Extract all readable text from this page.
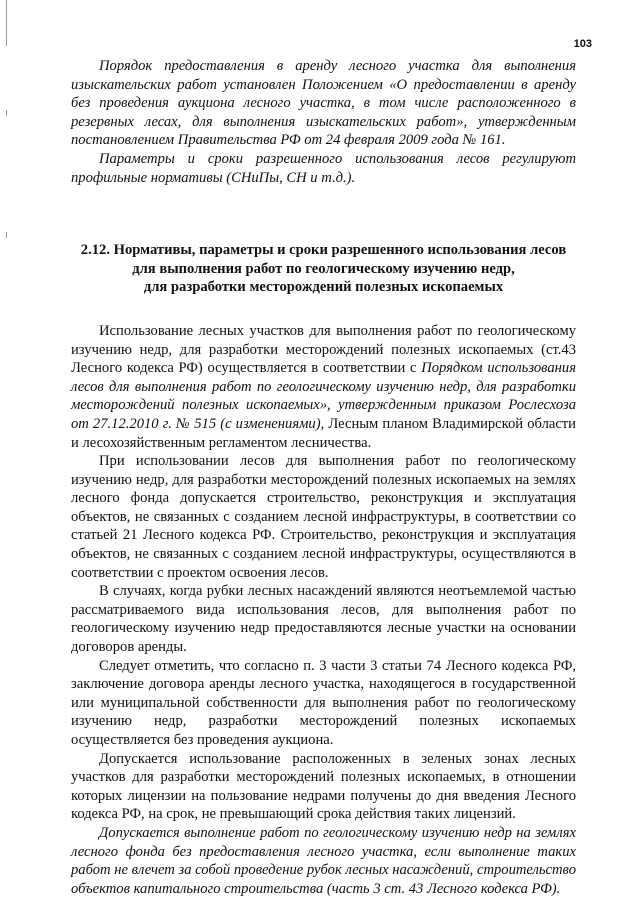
103

Порядок предоставления в аренду лесного участка для выполнения изыскательских работ установлен Положением «О предоставлении в аренду без проведения аукциона лесного участка, в том числе расположенного в резервных лесах, для выполнения изыскательских работ», утвержденным постановлением Правительства РФ от 24 февраля 2009 года № 161.

Параметры и сроки разрешенного использования лесов регулируют профильные нормативы (СНиПы, СН и т.д.).

2.12. Нормативы, параметры и сроки разрешенного использования лесов
для выполнения работ по геологическому изучению недр,
для разработки месторождений полезных ископаемых

Использование лесных участков для выполнения работ по геологическому изучению недр, для разработки месторождений полезных ископаемых (ст.43 Лесного кодекса РФ) осуществляется в соответствии с Порядком использования лесов для выполнения работ по геологическому изучению недр, для разработки месторождений полезных ископаемых», утвержденным приказом Рослесхоза от 27.12.2010 г. № 515 (с изменениями), Лесным планом Владимирской области и лесохозяйственным регламентом лесничества.

При использовании лесов для выполнения работ по геологическому изучению недр, для разработки месторождений полезных ископаемых на землях лесного фонда допускается строительство, реконструкция и эксплуатация объектов, не связанных с созданием лесной инфраструктуры, в соответствии со статьей 21 Лесного кодекса РФ. Строительство, реконструкция и эксплуатация объектов, не связанных с созданием лесной инфраструктуры, осуществляются в соответствии с проектом освоения лесов.

В случаях, когда рубки лесных насаждений являются неотъемлемой частью рассматриваемого вида использования лесов, для выполнения работ по геологическому изучению недр предоставляются лесные участки на основании договоров аренды.

Следует отметить, что согласно п. 3 части 3 статьи 74 Лесного кодекса РФ, заключение договора аренды лесного участка, находящегося в государственной или муниципальной собственности для выполнения работ по геологическому изучению недр, разработки месторождений полезных ископаемых осуществляется без проведения аукциона.

Допускается использование расположенных в зеленых зонах лесных участков для разработки месторождений полезных ископаемых, в отношении которых лицензии на пользование недрами получены до дня введения Лесного кодекса РФ, на срок, не превышающий срока действия таких лицензий.

Допускается выполнение работ по геологическому изучению недр на землях лесного фонда без предоставления лесного участка, если выполнение таких работ не влечет за собой проведение рубок лесных насаждений, строительство объектов капитального строительства (часть 3 ст. 43 Лесного кодекса РФ).
